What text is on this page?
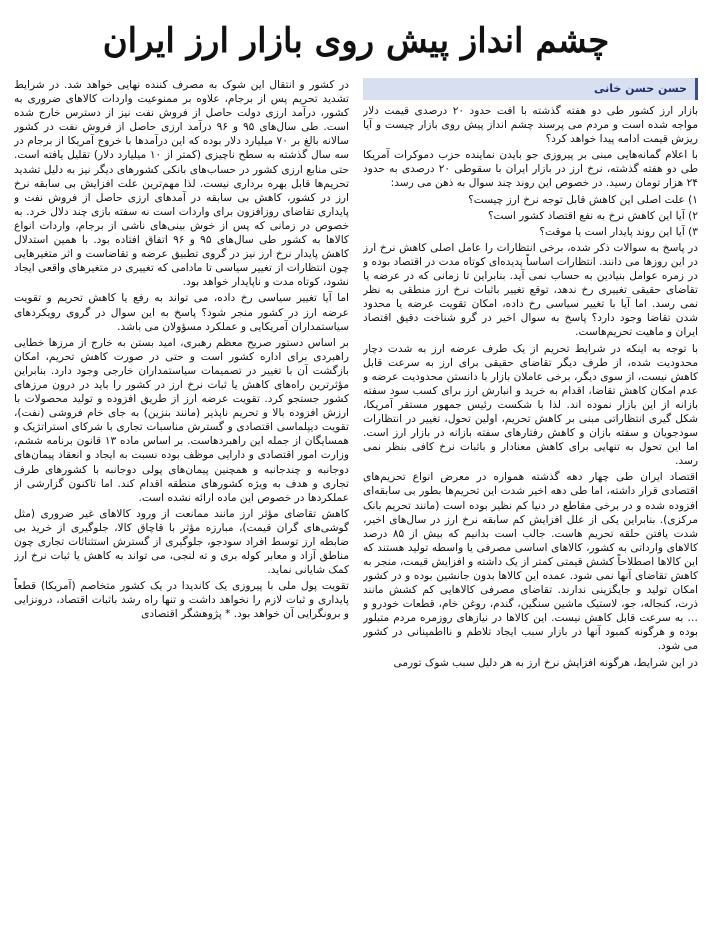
چشم انداز پیش روی بازار ارز ایران
حسن حسن خانی

بازار ارز کشور طی دو هفته گذشته با افت حدود ۲۰ درصدی قیمت دلار مواجه شده است و مردم می پرسند چشم انداز پیش روی بازار چیست و آیا ریزش قیمت ادامه پیدا خواهد کرد؟

با اعلام گمانه‌هایی مبنی بر پیروزی جو بایدن نماینده حزب دموکرات آمریکا طی دو هفته گذشته، نرخ ارز در بازار ایران با سقوطی ۲۰ درصدی به حدود ۲۴ هزار تومان رسید. در خصوص این روند چند سوال به ذهن می رسد:

۱) علت اصلی این کاهش قابل توجه نرخ ارز چیست؟

۲) آیا این کاهش نرخ به نفع اقتصاد کشور است؟

۳) آیا این روند پایدار است یا موقت؟

در پاسخ به سوالات ذکر شده، برخی انتظارات را عامل اصلی کاهش نرخ ارز در این روزها می دانند. انتظارات اساساً پدیده‌ای کوتاه مدت در اقتصاد بوده و در زمره عوامل بنیادین به حساب نمی آید. بنابراین تا زمانی که در عرضه یا تقاضای حقیقی تغییری رخ ندهد، توقع تغییر باثبات نرخ ارز منطقی به نظر نمی رسد. اما آیا با تغییر سیاسی رخ داده، امکان تقویت عرضه یا محدود شدن تقاضا وجود دارد؟ پاسخ به سوال اخیر در گرو شناخت دقیق اقتصاد ایران و ماهیت تحریم‌هاست.

با توجه به اینکه در شرایط تحریم از یک طرف عرضه ارز به شدت دچار محدودیت شده، از طرف دیگر تقاضای حقیقی برای ارز به سرعت قابل کاهش نیست، از سوی دیگر، برخی عاملان بازار با دانستن محدودیت عرضه و عدم امکان کاهش تقاضا، اقدام به خرید و انبارش ارز برای کسب سود سفته بازانه از این بازار نموده اند. لذا با شکست رئیس جمهور مستقر آمریکا، شکل گیری انتظاراتی مبنی بر کاهش تحریم، اولین تحول، تغییر در انتظارات سودجویان و سفته بازان و کاهش رفتارهای سفته بازانه در بازار ارز است. اما این تحول به تنهایی برای کاهش معنادار و باثبات نرخ کافی بنظر نمی رسد.

اقتصاد ایران طی چهار دهه گذشته همواره در معرض انواع تحریم‌های اقتصادی قرار داشته، اما طی دهه اخیر شدت این تحریم‌ها بطور بی سابقه‌ای افزوده شده و در برخی مقاطع در دنیا کم نظیر بوده است (مانند تحریم بانک مرکزی). بنابراین یکی از علل افزایش کم سابقه نرخ ارز در سال‌های اخیر، شدت یافتن حلقه تحریم هاست. جالب است بدانیم که بیش از ۸۵ درصد کالاهای وارداتی به کشور، کالاهای اساسی مصرفی یا واسطه تولید هستند که این کالاها اصطلاحاً کشش قیمتی کمتر از یک داشته و افزایش قیمت، منجر به کاهش تقاضای آنها نمی شود. عمده این کالاها بدون جانشین بوده و در کشور امکان تولید و جایگزینی ندارند. تقاضای مصرفی کالاهایی کم کشش مانند ذرت، کنجاله، جو، لاستیک ماشین سنگین، گندم، روغن خام، قطعات خودرو و … به سرعت قابل کاهش نیست. این کالاها در نیازهای روزمره مردم متبلور بوده و هرگونه کمبود آنها در بازار سبب ایجاد تلاطم و نااطمینانی در کشور می شود.

در این شرایط، هرگونه افزایش نرخ ارز به هر دلیل سبب شوک تورمی

در کشور و انتقال این شوک به مصرف کننده نهایی خواهد شد. در شرایط تشدید تحریم پس از برجام، علاوه بر ممنوعیت واردات کالاهای ضروری به کشور، درآمد ارزی دولت حاصل از فروش نفت نیز از دسترس خارج شده است. طی سال‌های ۹۵ و ۹۶ درآمد ارزی حاصل از فروش نفت در کشور سالانه بالغ بر ۷۰ میلیارد دلار بوده که این درآمدها با خروج آمریکا از برجام در سه سال گذشته به سطح ناچیزی (کمتر از ۱۰ میلیارد دلار) تقلیل یافته است. حتی منابع ارزی کشور در حساب‌های بانکی کشورهای دیگر نیز به دلیل تشدید تحریم‌ها قابل بهره برداری نیست. لذا مهم‌ترین علت افزایش بی سابقه نرخ ارز در کشور، کاهش بی سابقه در آمدهای ارزی حاصل از فروش نفت و پایداری تقاضای روزافزون برای واردات است نه سفته بازی چند دلال خرد. به خصوص در زمانی که پس از خوش بینی‌های ناشی از برجام، واردات انواع کالاها به کشور طی سال‌های ۹۵ و ۹۶ اتفاق افتاده بود. با همین استدلال کاهش پایدار نرخ ارز نیز در گروی تطبیق عرضه و تقاضاست و اثر متغیرهایی چون انتظارات از تغییر سیاسی تا مادامی که تغییری در متغیرهای واقعی ایجاد نشود، کوتاه مدت و ناپایدار خواهد بود.

اما آیا تغییر سیاسی رخ داده، می تواند به رفع یا کاهش تحریم و تقویت عرضه ارز در کشور منجر شود؟ پاسخ به این سوال در گروی رویکردهای سیاستمداران آمریکایی و عملکرد مسؤولان می باشد.

بر اساس دستور صریح معظم رهبری، امید بستن به خارج از مرزها خطایی راهبردی برای اداره کشور است و حتی در صورت کاهش تحریم، امکان بازگشت آن با تغییر در تصمیمات سیاستمداران خارجی وجود دارد. بنابراین مؤثرترین راه‌های کاهش یا ثبات نرخ ارز در کشور را باید در درون مرزهای کشور جستجو کرد. تقویت عرضه ارز از طریق افزوده و تولید محصولات با ارزش افزوده بالا و تحریم ناپذیر (مانند بنزین) به جای خام فروشی (نفت)، تقویت دیپلماسی اقتصادی و گسترش مناسبات تجاری با شرکای استراتژیک و همسایگان از جمله این راهبردهاست. بر اساس ماده ۱۳ قانون برنامه ششم، وزارت امور اقتصادی و دارایی موظف بوده نسبت به ایجاد و انعقاد پیمان‌های دوجانبه و چندجانبه و همچنین پیمان‌های پولی دوجانبه با کشورهای طرف تجاری و هدف به ویژه کشورهای منطقه اقدام کند. اما تاکنون گزارشی از عملکردها در خصوص این ماده ارائه نشده است.

کاهش تقاضای مؤثر ارز مانند ممانعت از ورود کالاهای غیر ضروری (مثل گوشی‌های گران قیمت)، مبارزه مؤثر با قاچاق کالا، جلوگیری از خرید بی ضابطه ارز توسط افراد سودجو، جلوگیری از گسترش استثنائات تجاری چون مناطق آزاد و معابر کوله بری و ته لنجی، می تواند به کاهش یا ثبات نرخ ارز کمک شایانی نماید.

تقویت پول ملی با پیروزی یک کاندیدا در یک کشور متخاصم (آمریکا) قطعاً پایداری و ثبات لازم را نخواهد داشت و تنها راه رشد باثبات اقتصاد، درونزایی و برونگرایی آن خواهد بود. * پژوهشگر اقتصادی
